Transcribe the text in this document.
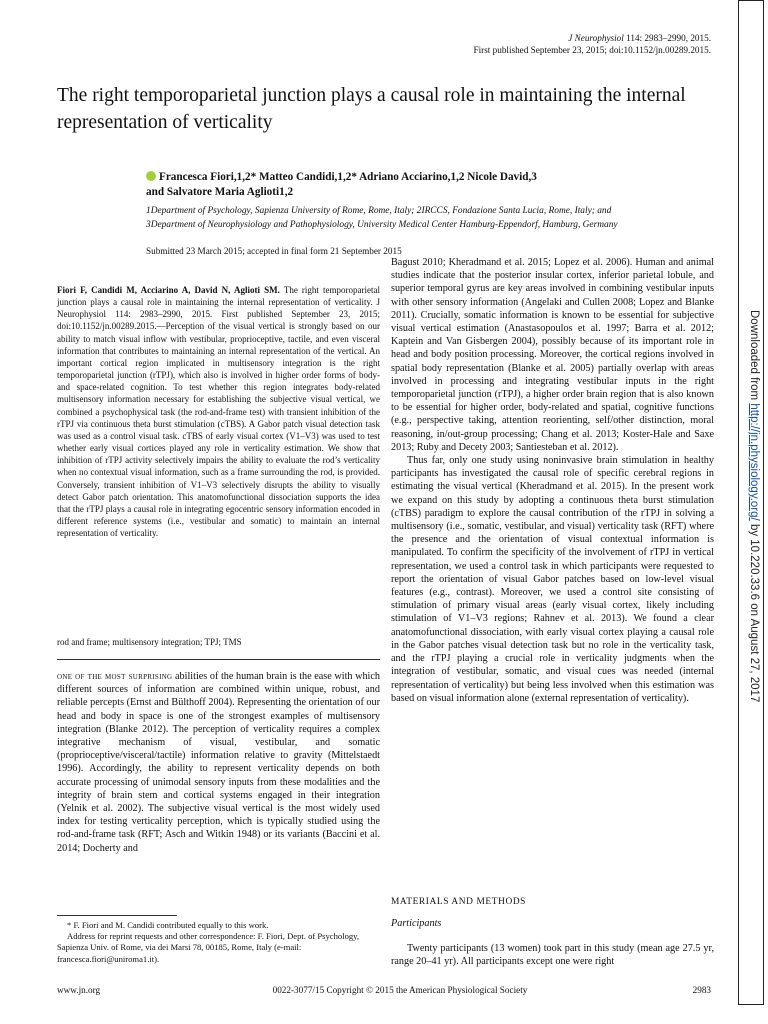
J Neurophysiol 114: 2983–2990, 2015.
First published September 23, 2015; doi:10.1152/jn.00289.2015.
The right temporoparietal junction plays a causal role in maintaining the internal representation of verticality
Francesca Fiori,1,2* Matteo Candidi,1,2* Adriano Acciarino,1,2 Nicole David,3
and Salvatore Maria Aglioti1,2
1Department of Psychology, Sapienza University of Rome, Rome, Italy; 2IRCCS, Fondazione Santa Lucia, Rome, Italy; and
3Department of Neurophysiology and Pathophysiology, University Medical Center Hamburg-Eppendorf, Hamburg, Germany
Submitted 23 March 2015; accepted in final form 21 September 2015
Fiori F, Candidi M, Acciarino A, David N, Aglioti SM. The right temporoparietal junction plays a causal role in maintaining the internal representation of verticality. J Neurophysiol 114: 2983–2990, 2015. First published September 23, 2015; doi:10.1152/jn.00289.2015.—Perception of the visual vertical is strongly based on our ability to match visual inflow with vestibular, proprioceptive, tactile, and even visceral information that contributes to maintaining an internal representation of the vertical. An important cortical region implicated in multisensory integration is the right temporoparietal junction (rTPJ), which also is involved in higher order forms of body- and space-related cognition. To test whether this region integrates body-related multisensory information necessary for establishing the subjective visual vertical, we combined a psychophysical task (the rod-and-frame test) with transient inhibition of the rTPJ via continuous theta burst stimulation (cTBS). A Gabor patch visual detection task was used as a control visual task. cTBS of early visual cortex (V1–V3) was used to test whether early visual cortices played any role in verticality estimation. We show that inhibition of rTPJ activity selectively impairs the ability to evaluate the rod’s verticality when no contextual visual information, such as a frame surrounding the rod, is provided. Conversely, transient inhibition of V1–V3 selectively disrupts the ability to visually detect Gabor patch orientation. This anatomofunctional dissociation supports the idea that the rTPJ plays a causal role in integrating egocentric sensory information encoded in different reference systems (i.e., vestibular and somatic) to maintain an internal representation of verticality.
rod and frame; multisensory integration; TPJ; TMS
one of the most surprising abilities of the human brain is the ease with which different sources of information are combined within unique, robust, and reliable percepts (Ernst and Bülthoff 2004). Representing the orientation of our head and body in space is one of the strongest examples of multisensory integration (Blanke 2012). The perception of verticality requires a complex integrative mechanism of visual, vestibular, and somatic (proprioceptive/visceral/tactile) information relative to gravity (Mittelstaedt 1996). Accordingly, the ability to represent verticality depends on both accurate processing of unimodal sensory inputs from these modalities and the integrity of brain stem and cortical systems engaged in their integration (Yelnik et al. 2002). The subjective visual vertical is the most widely used index for testing verticality perception, which is typically studied using the rod-and-frame task (RFT; Asch and Witkin 1948) or its variants (Baccini et al. 2014; Docherty and

* F. Fiori and M. Candidi contributed equally to this work.

Address for reprint requests and other correspondence: F. Fiori, Dept. of Psychology, Sapienza Univ. of Rome, via dei Marsi 78, 00185, Rome, Italy (e-mail: francesca.fiori@uniroma1.it).

Bagust 2010; Kheradmand et al. 2015; Lopez et al. 2006). Human and animal studies indicate that the posterior insular cortex, inferior parietal lobule, and superior temporal gyrus are key areas involved in combining vestibular inputs with other sensory information (Angelaki and Cullen 2008; Lopez and Blanke 2011). Crucially, somatic information is known to be essential for subjective visual vertical estimation (Anastasopoulos et al. 1997; Barra et al. 2012; Kaptein and Van Gisbergen 2004), possibly because of its important role in head and body position processing. Moreover, the cortical regions involved in spatial body representation (Blanke et al. 2005) partially overlap with areas involved in processing and integrating vestibular inputs in the right temporoparietal junction (rTPJ), a higher order brain region that is also known to be essential for higher order, body-related and spatial, cognitive functions (e.g., perspective taking, attention reorienting, self/other distinction, moral reasoning, in/out-group processing; Chang et al. 2013; Koster-Hale and Saxe 2013; Ruby and Decety 2003; Santiesteban et al. 2012).

Thus far, only one study using noninvasive brain stimulation in healthy participants has investigated the causal role of specific cerebral regions in estimating the visual vertical (Kheradmand et al. 2015). In the present work we expand on this study by adopting a continuous theta burst stimulation (cTBS) paradigm to explore the causal contribution of the rTPJ in solving a multisensory (i.e., somatic, vestibular, and visual) verticality task (RFT) where the presence and the orientation of visual contextual information is manipulated. To confirm the specificity of the involvement of rTPJ in vertical representation, we used a control task in which participants were requested to report the orientation of visual Gabor patches based on low-level visual features (e.g., contrast). Moreover, we used a control site consisting of stimulation of primary visual areas (early visual cortex, likely including stimulation of V1–V3 regions; Rahnev et al. 2013). We found a clear anatomofunctional dissociation, with early visual cortex playing a causal role in the Gabor patches visual detection task but no role in the verticality task, and the rTPJ playing a crucial role in verticality judgments when the integration of vestibular, somatic, and visual cues was needed (internal representation of verticality) but being less involved when this estimation was based on visual information alone (external representation of verticality).

MATERIALS AND METHODS
Participants

Twenty participants (13 women) took part in this study (mean age 27.5 yr, range 20–41 yr). All participants except one were right

www.jn.org	0022-3077/15 Copyright © 2015 the American Physiological Society	2983
Downloaded from http://jn.physiology.org/ by 10.220.33.6 on August 27, 2017
